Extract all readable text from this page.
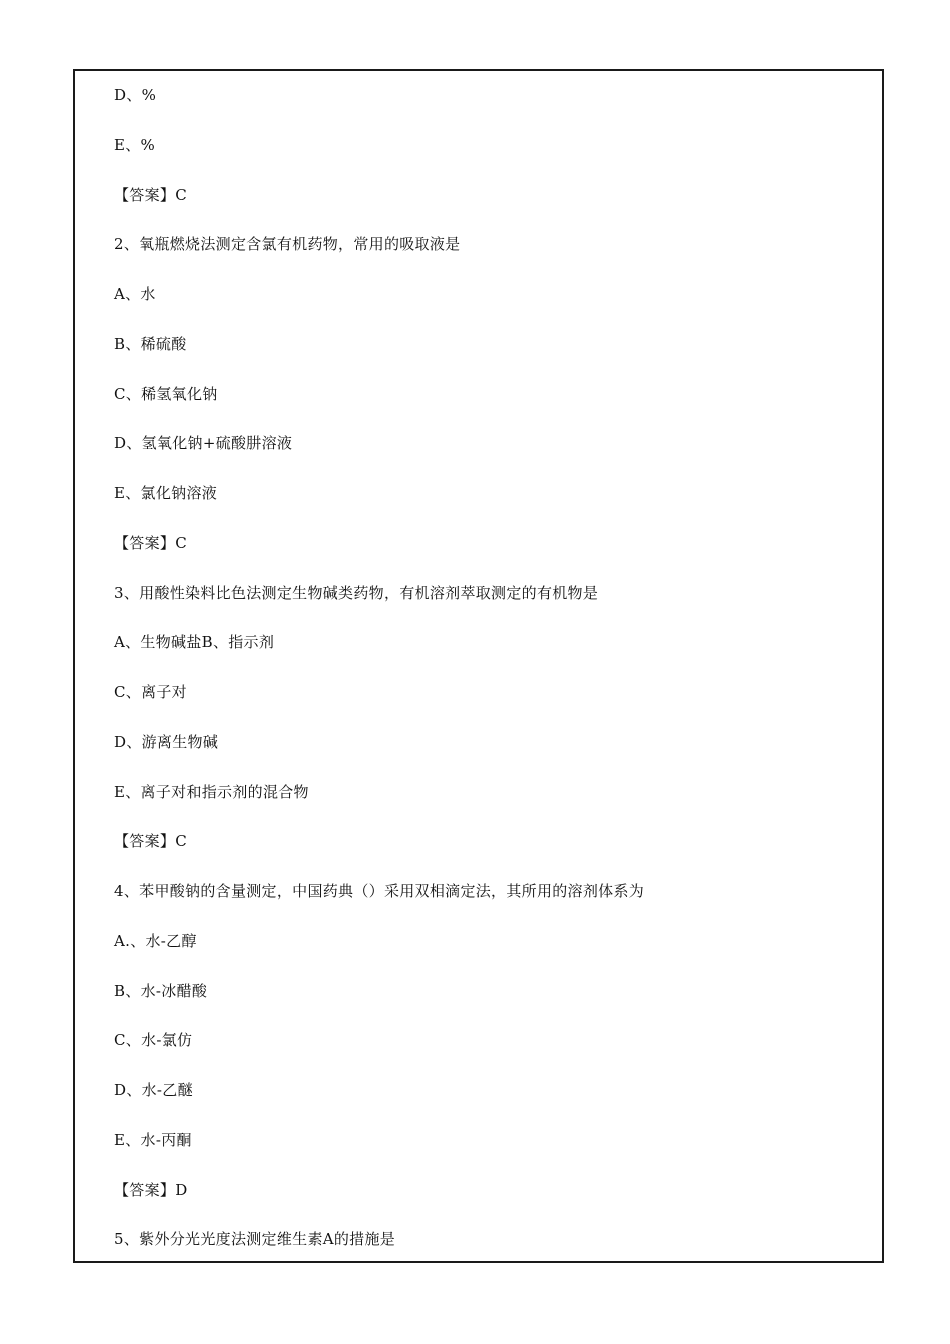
D、%
E、%
【答案】C
2、氧瓶燃烧法测定含氯有机药物，常用的吸取液是
A、水
B、稀硫酸
C、稀氢氧化钠
D、氢氧化钠+硫酸肼溶液
E、氯化钠溶液
【答案】C
3、用酸性染料比色法测定生物碱类药物，有机溶剂萃取测定的有机物是
A、生物碱盐B、指示剂
C、离子对
D、游离生物碱
E、离子对和指示剂的混合物
【答案】C
4、苯甲酸钠的含量测定，中国药典（）采用双相滴定法，其所用的溶剂体系为
A.、水-乙醇
B、水-冰醋酸
C、水-氯仿
D、水-乙醚
E、水-丙酮
【答案】D
5、紫外分光光度法测定维生素A的措施是
